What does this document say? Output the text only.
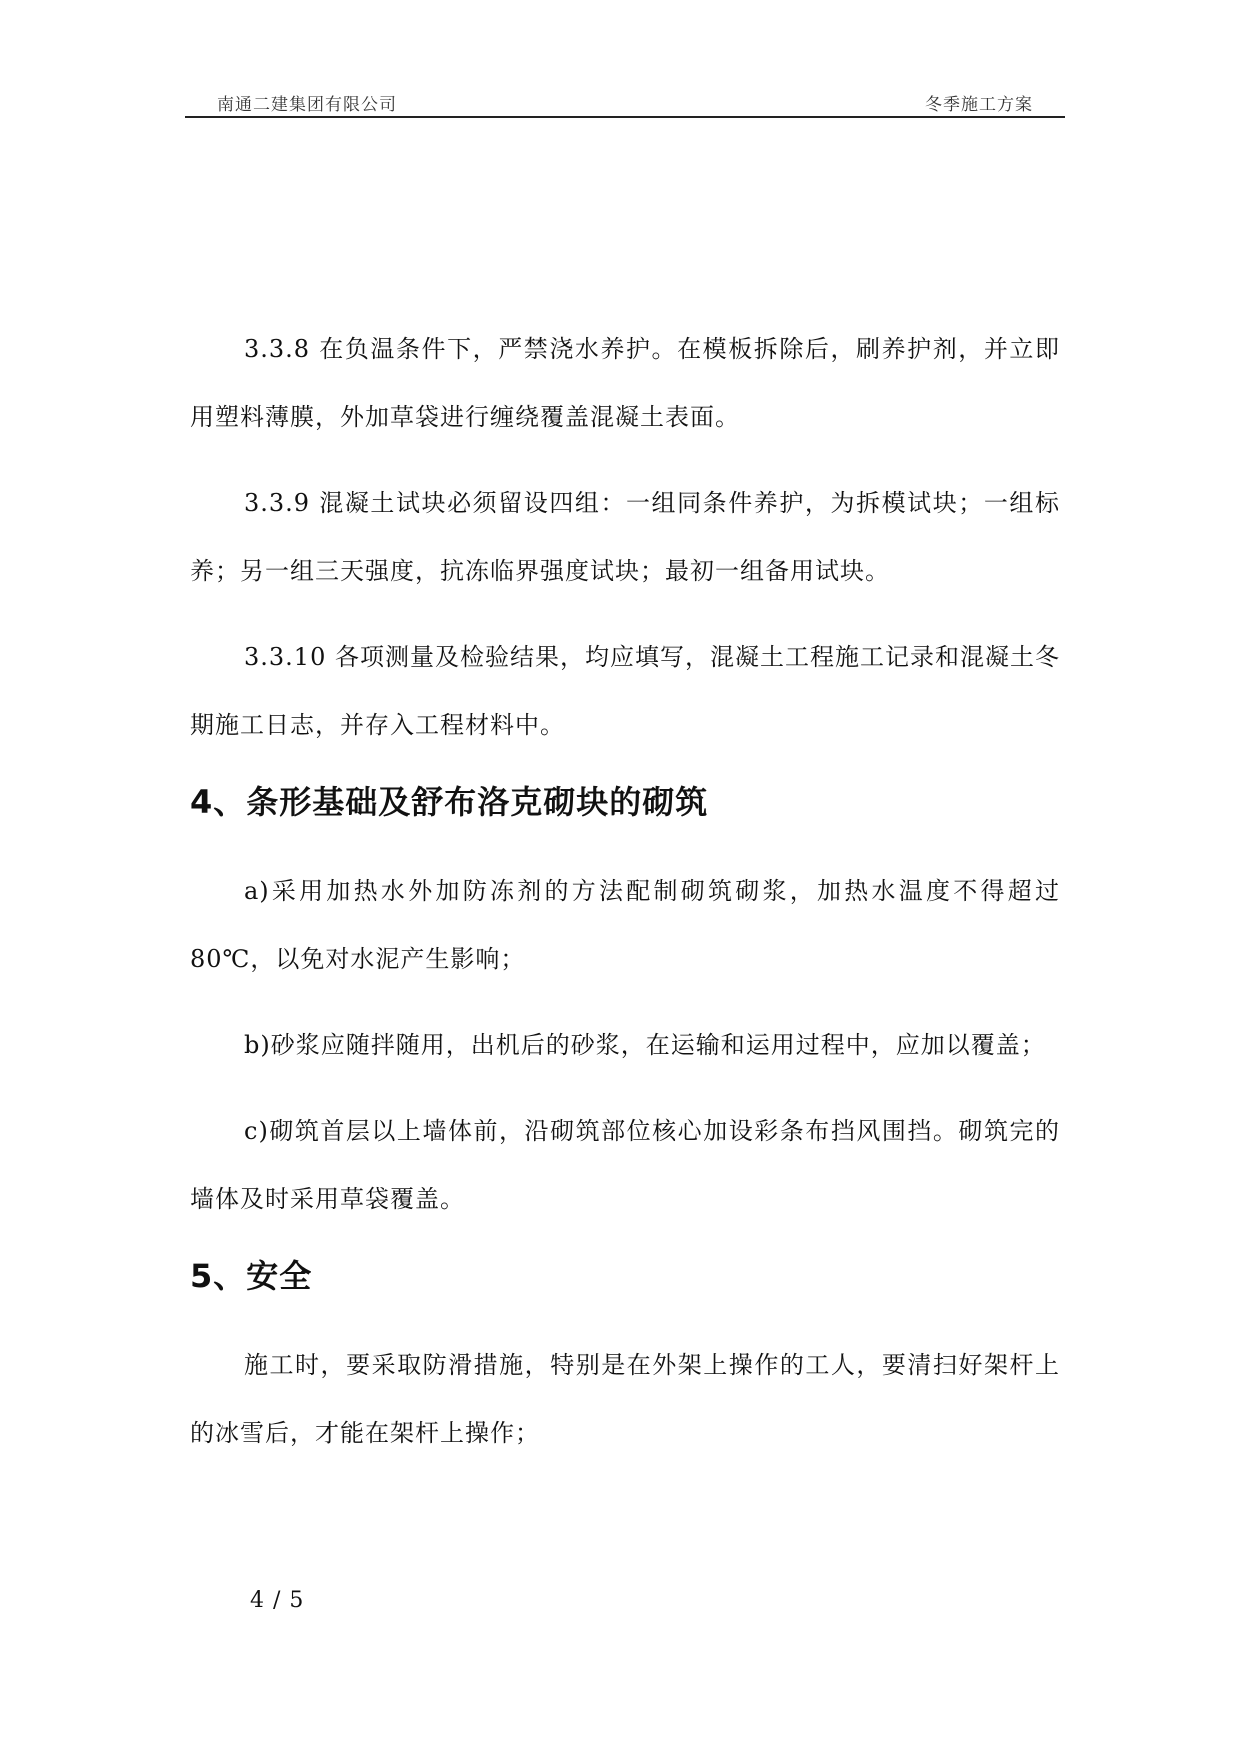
南通二建集团有限公司	冬季施工方案

3.3.8 在负温条件下，严禁浇水养护。在模板拆除后，刷养护剂，并立即用塑料薄膜，外加草袋进行缠绕覆盖混凝土表面。

3.3.9 混凝土试块必须留设四组：一组同条件养护，为拆模试块；一组标养；另一组三天强度，抗冻临界强度试块；最初一组备用试块。

3.3.10 各项测量及检验结果，均应填写，混凝土工程施工记录和混凝土冬期施工日志，并存入工程材料中。

4、条形基础及舒布洛克砌块的砌筑

a)采用加热水外加防冻剂的方法配制砌筑砌浆，加热水温度不得超过80℃，以免对水泥产生影响；

b)砂浆应随拌随用，出机后的砂浆，在运输和运用过程中，应加以覆盖；

c)砌筑首层以上墙体前，沿砌筑部位核心加设彩条布挡风围挡。砌筑完的墙体及时采用草袋覆盖。

5、安全

施工时，要采取防滑措施，特别是在外架上操作的工人，要清扫好架杆上的冰雪后，才能在架杆上操作；

4 / 5
